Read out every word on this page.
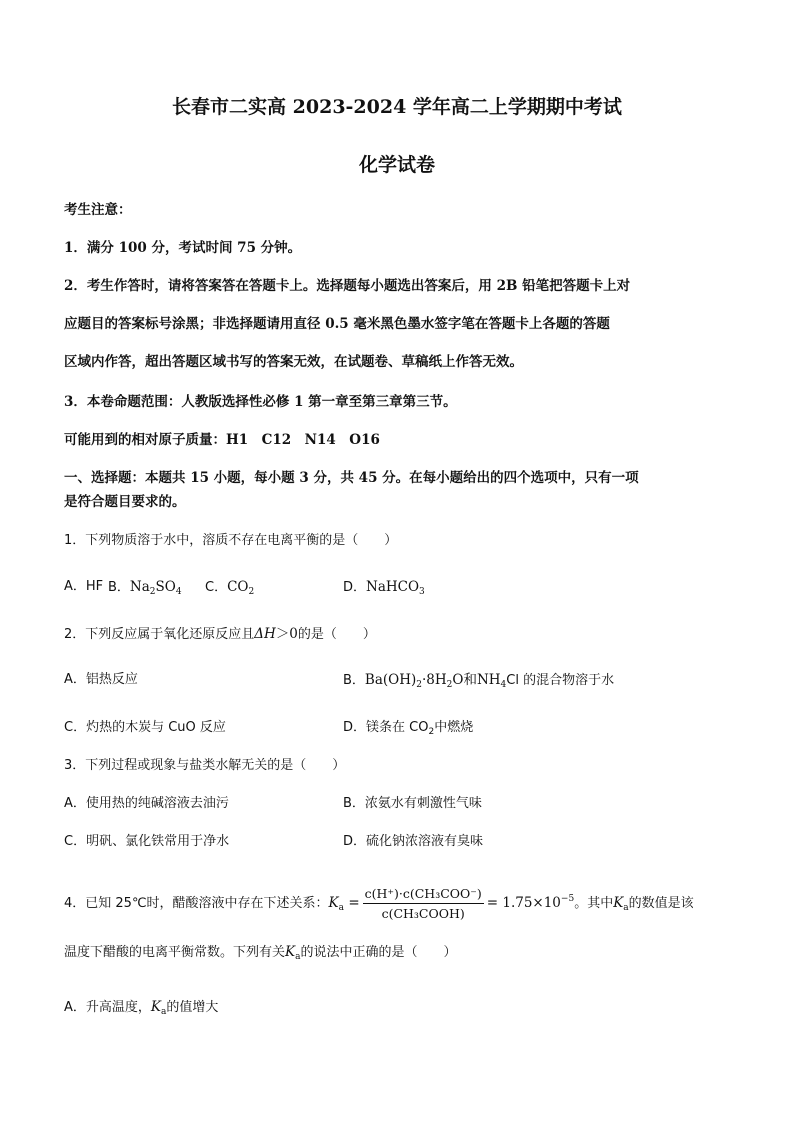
长春市二实高 2023-2024 学年高二上学期期中考试
化学试卷
考生注意：
1．满分 100 分，考试时间 75 分钟。
2．考生作答时，请将答案答在答题卡上。选择题每小题选出答案后，用 2B 铅笔把答题卡上对
应题目的答案标号涂黑；非选择题请用直径 0.5 毫米黑色墨水签字笔在答题卡上各题的答题
区域内作答，超出答题区域书写的答案无效，在试题卷、草稿纸上作答无效。
3．本卷命题范围：人教版选择性必修 1 第一章至第三章第三节。
可能用到的相对原子质量：H1　C12　N14　O16
一、选择题：本题共 15 小题，每小题 3 分，共 45 分。在每小题给出的四个选项中，只有一项
是符合题目要求的。
1．下列物质溶于水中，溶质不存在电离平衡的是（　　）
A．HF B．$Na_2SO_4$ C．$CO_2$	D．NaHCO$_3$
2．下列反应属于氧化还原反应且ΔH＞0的是（　　）
A．铝热反应	B．$Ba(OH)_2\cdot 8H_2O$和$NH_4Cl$ 的混合物溶于水
C．灼热的木炭与 CuO 反应	D．镁条在 $CO_2$中燃烧
3．下列过程或现象与盐类水解无关的是（　　）
A．使用热的纯碱溶液去油污	B．浓氨水有刺激性气味
C．明矾、氯化铁常用于净水	D．硫化钠浓溶液有臭味
4．已知 25℃时，醋酸溶液中存在下述关系：$K_a = \frac{\text{c(H⁺)·c(CH₃COO⁻)}}{\text{c(CH₃COOH)}} = 1.75\times 10^{-5}$。其中$K_a$的数值是该
温度下醋酸的电离平衡常数。下列有关$K_a$的说法中正确的是（　　）
A．升高温度，$K_a$的值增大
